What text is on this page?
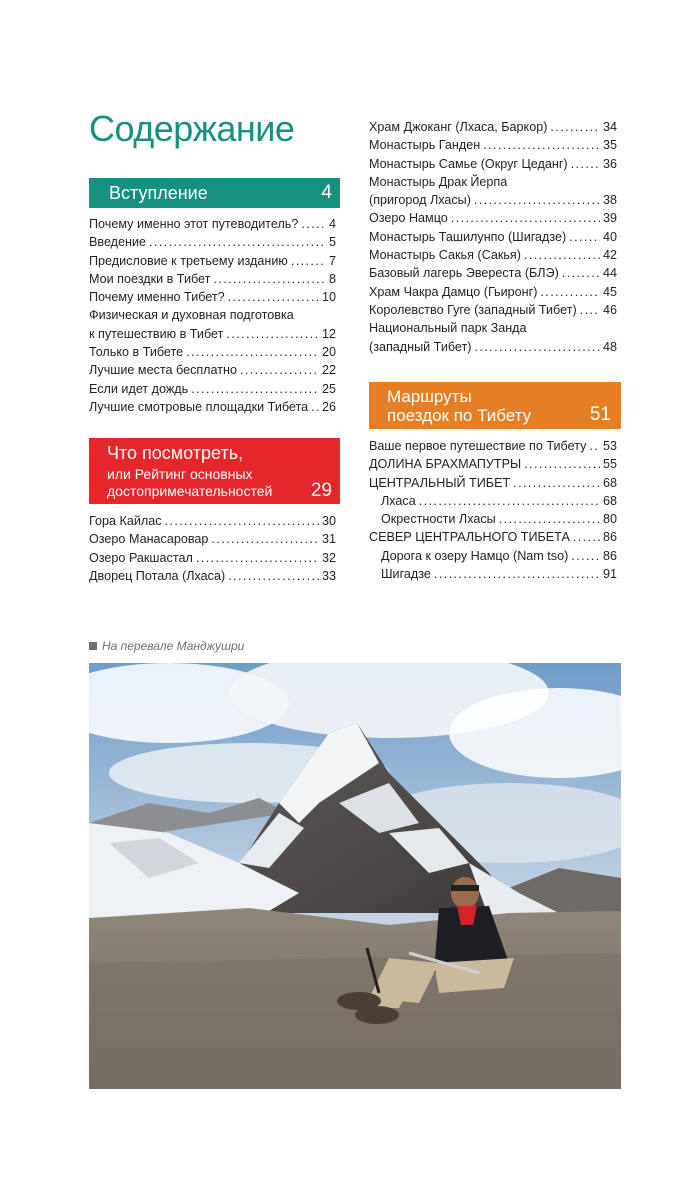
Содержание
Вступление	4
Почему именно этот путеводитель? ..... 4
Введение .....	5
Предисловие к третьему изданию .....	7
Мои поездки в Тибет .....	8
Почему именно Тибет? .....	10
Физическая и духовная подготовка
к путешествию в Тибет .....	12
Только в Тибете .....	20
Лучшие места бесплатно .....	22
Если идет дождь .....	25
Лучшие смотровые площадки Тибета ..... 26
Что посмотреть,
или Рейтинг основных
достопримечательностей 29
Гора Кайлас .....	30
Озеро Манасаровар .....	31
Озеро Ракшастал .....	32
Дворец Потала (Лхаса) .....	33
Храм Джоканг (Лхаса, Баркор) .....	34
Монастырь Ганден .....	35
Монастырь Самье (Округ Цеданг) .....	36
Монастырь Драк Йерпа
(пригород Лхасы) .....	38
Озеро Намцо .....	39
Монастырь Ташилунпо (Шигадзе) .....	40
Монастырь Сакья (Сакья) .....	42
Базовый лагерь Эвереста (БЛЭ) .....	44
Храм Чакра Дамцо (Гьиронг) .....	45
Королевство Гуге (западный Тибет) ..... 46
Национальный парк Занда
(западный Тибет) .....	48
Маршруты
поездок по Тибету	51
Ваше первое путешествие по Тибету ..... 53
ДОЛИНА БРАХМАПУТРЫ .....	55
ЦЕНТРАЛЬНЫЙ ТИБЕТ .....	68
Лхаса .....	68
Окрестности Лхасы .....	80
СЕВЕР ЦЕНТРАЛЬНОГО ТИБЕТА .....	86
Дорога к озеру Намцо (Nam tso) .....	86
Шигадзе .....	91
На перевале Манджушри
